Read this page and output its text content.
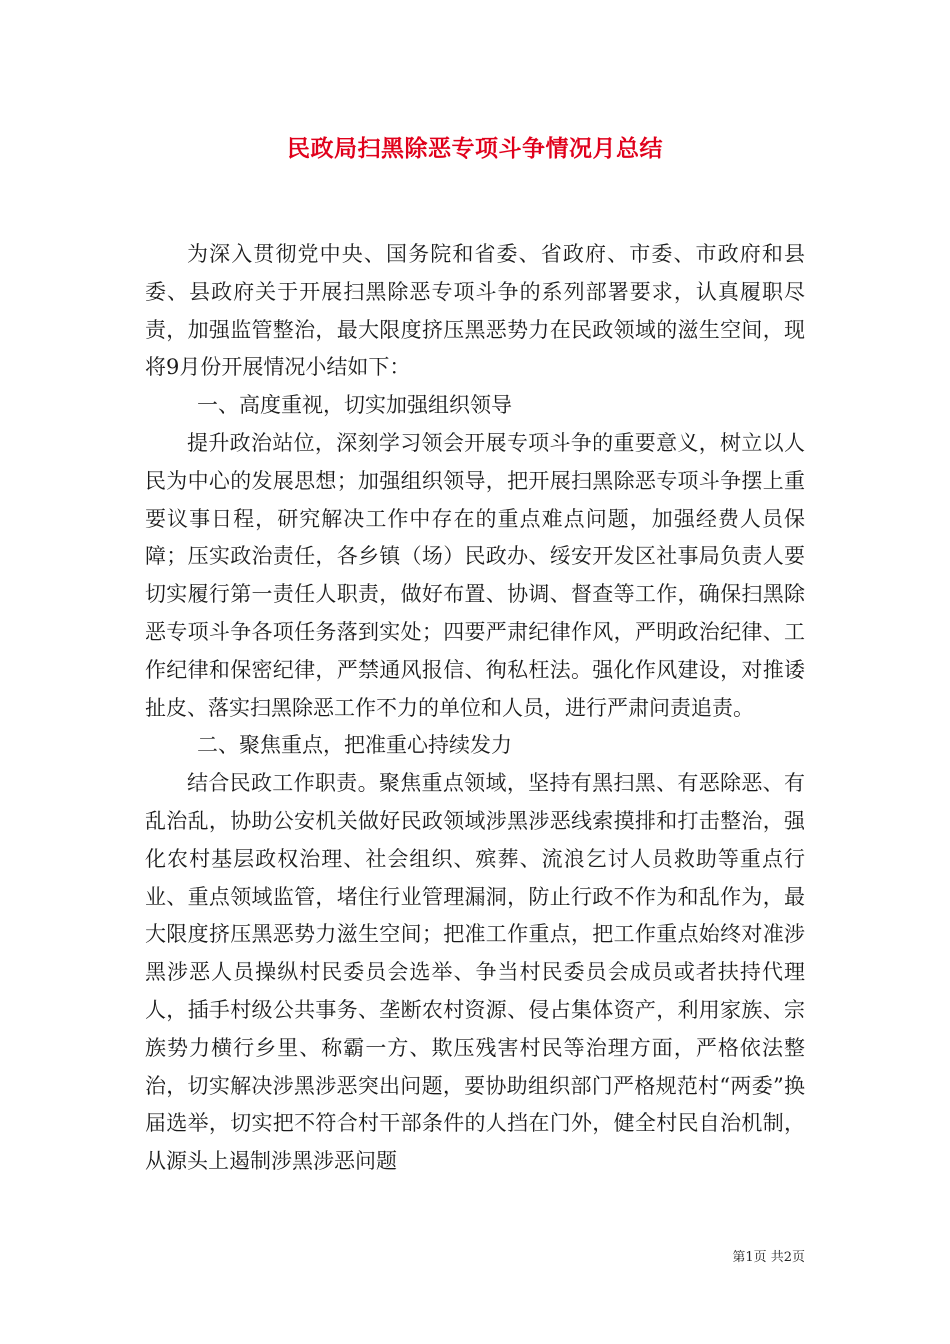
民政局扫黑除恶专项斗争情况月总结

为深入贯彻党中央、国务院和省委、省政府、市委、市政府和县委、县政府关于开展扫黑除恶专项斗争的系列部署要求，认真履职尽责，加强监管整治，最大限度挤压黑恶势力在民政领域的滋生空间，现将9月份开展情况小结如下：

一、高度重视，切实加强组织领导

提升政治站位，深刻学习领会开展专项斗争的重要意义，树立以人民为中心的发展思想；加强组织领导，把开展扫黑除恶专项斗争摆上重要议事日程，研究解决工作中存在的重点难点问题，加强经费人员保障；压实政治责任，各乡镇（场）民政办、绥安开发区社事局负责人要切实履行第一责任人职责，做好布置、协调、督查等工作，确保扫黑除恶专项斗争各项任务落到实处；四要严肃纪律作风，严明政治纪律、工作纪律和保密纪律，严禁通风报信、徇私枉法。强化作风建设，对推诿扯皮、落实扫黑除恶工作不力的单位和人员，进行严肃问责追责。

二、聚焦重点，把准重心持续发力

结合民政工作职责。聚焦重点领域，坚持有黑扫黑、有恶除恶、有乱治乱，协助公安机关做好民政领域涉黑涉恶线索摸排和打击整治，强化农村基层政权治理、社会组织、殡葬、流浪乞讨人员救助等重点行业、重点领域监管，堵住行业管理漏洞，防止行政不作为和乱作为，最大限度挤压黑恶势力滋生空间；把准工作重点，把工作重点始终对准涉黑涉恶人员操纵村民委员会选举、争当村民委员会成员或者扶持代理人，插手村级公共事务、垄断农村资源、侵占集体资产，利用家族、宗族势力横行乡里、称霸一方、欺压残害村民等治理方面，严格依法整治，切实解决涉黑涉恶突出问题，要协助组织部门严格规范村“两委”换届选举，切实把不符合村干部条件的人挡在门外，健全村民自治机制，从源头上遏制涉黑涉恶问题

第1页 共2页
